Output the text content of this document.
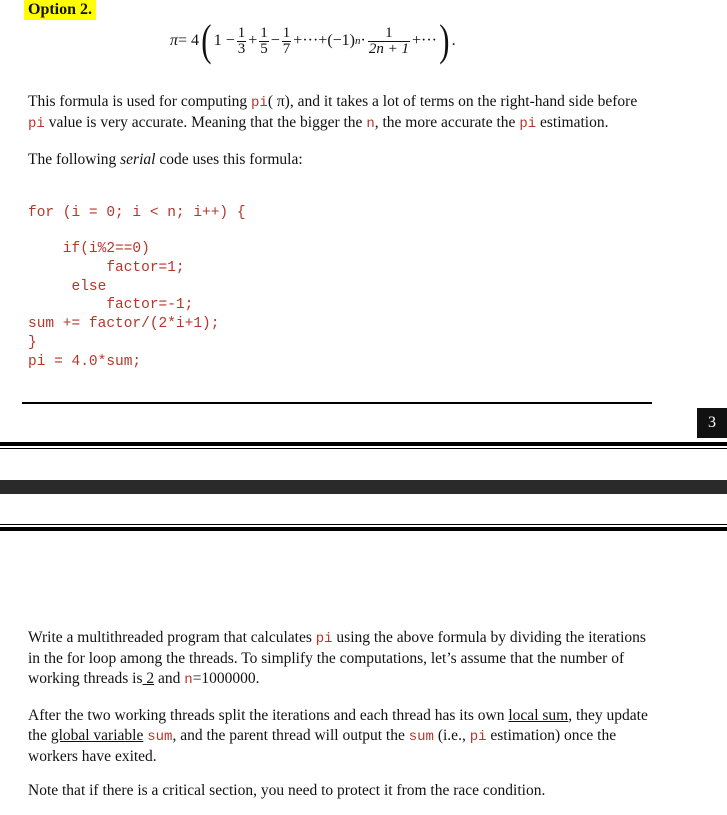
Option 2.
π = 4 ( $1 - \frac{1}{3} + \frac{1}{5} - \frac{1}{7} +\cdot\cdot\cdot+(-1) n \cdot \frac{1}{2n + 1}$ +··· ) .
This formula is used for computing pi( π), and it takes a lot of terms on the right-hand side before
pi value is very accurate. Meaning that the bigger the n, the more accurate the pi estimation.
The following serial code uses this formula:
for (i = 0; i < n; i++) {
if(i%2==0)
factor=1;
else
factor=-1;
sum += factor/(2*i+1);
}
pi = 4.0*sum;
3
Write a multithreaded program that calculates pi using the above formula by dividing the iterations
in the for loop among the threads. To simplify the computations, let’s assume that the number of
working threads is 2 and n=1000000.
After the two working threads split the iterations and each thread has its own local sum, they update
the global variable sum, and the parent thread will output the sum (i.e., pi estimation) once the
workers have exited.
Note that if there is a critical section, you need to protect it from the race condition.
